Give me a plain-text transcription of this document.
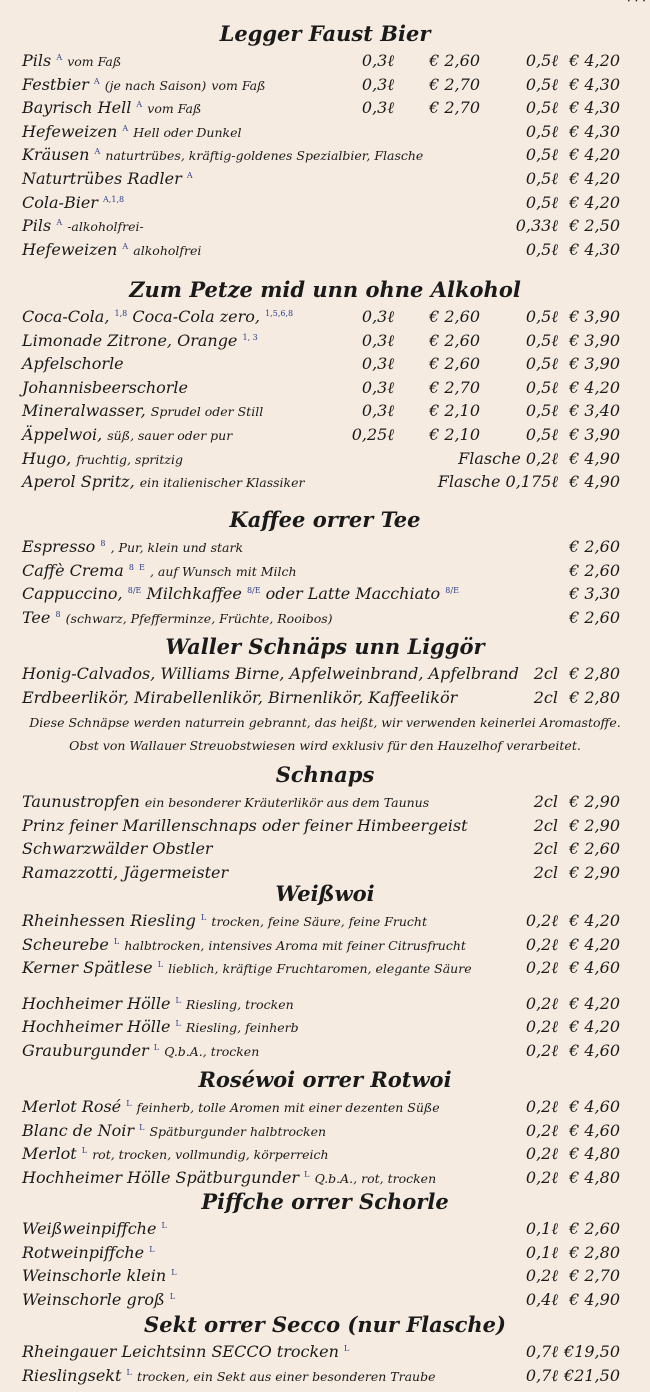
· · ·
Legger Faust Bier
Pils $^A$ vom Faß	0,3ℓ € 2,60	0,5ℓ € 4,20
Festbier $^A$ (je nach Saison) vom Faß	0,3ℓ € 2,70	0,5ℓ € 4,30
Bayrisch Hell $^A$ vom Faß	0,3ℓ € 2,70	0,5ℓ € 4,30
Hefeweizen $^A$ Hell oder Dunkel	0,5ℓ € 4,30
Kräusen $^A$ naturtrübes, kräftig-goldenes Spezialbier, Flasche	0,5ℓ € 4,20
Naturtrübes Radler $^A$	0,5ℓ € 4,20
Cola-Bier $^{A,1,8}$	0,5ℓ € 4,20
Pils $^A$ -alkoholfrei-	0,33ℓ € 2,50
Hefeweizen $^A$ alkoholfrei	0,5ℓ € 4,30
Zum Petze mid unn ohne Alkohol
Coca-Cola, $^{1,8}$ Coca-Cola zero, $^{1,5,6,8}$	0,3ℓ € 2,60	0,5ℓ € 3,90
Limonade Zitrone, Orange $^{1, 3}$	0,3ℓ € 2,60	0,5ℓ € 3,90
Apfelschorle	0,3ℓ € 2,60	0,5ℓ € 3,90
Johannisbeerschorle	0,3ℓ € 2,70	0,5ℓ € 4,20
Mineralwasser, Sprudel oder Still	0,3ℓ € 2,10	0,5ℓ € 3,40
Äppelwoi, süß, sauer oder pur	0,25ℓ € 2,10	0,5ℓ € 3,90
Hugo, fruchtig, spritzig	Flasche 0,2ℓ € 4,90
Aperol Spritz, ein italienischer Klassiker	Flasche 0,175ℓ € 4,90
Kaffee orrer Tee
Espresso $^8$ , Pur, klein und stark	€ 2,60
Caffè Crema $^8$ $^E$ , auf Wunsch mit Milch	€ 2,60
Cappuccino, $^{8/E}$ Milchkaffee $^{8/E}$ oder Latte Macchiato $^{8/E}$	€ 3,30
Tee $^8$ (schwarz, Pfefferminze, Früchte, Rooibos)	€ 2,60
Waller Schnäps unn Liggör
Honig-Calvados, Williams Birne, Apfelweinbrand, Apfelbrand 2cl € 2,80
Erdbeerlikör, Mirabellenlikör, Birnenlikör, Kaffeelikör	2cl € 2,80
Diese Schnäpse werden naturrein gebrannt, das heißt, wir verwenden keinerlei Aromastoffe.
Obst von Wallauer Streuobstwiesen wird exklusiv für den Hauzelhof verarbeitet.
Schnaps
Taunustropfen ein besonderer Kräuterlikör aus dem Taunus	2cl € 2,90
Prinz feiner Marillenschnaps oder feiner Himbeergeist	2cl € 2,90
Schwarzwälder Obstler	2cl € 2,60
Ramazzotti, Jägermeister	2cl € 2,90
Weißwoi
Rheinhessen Riesling $^L$ trocken, feine Säure, feine Frucht	0,2ℓ € 4,20
Scheurebe $^L$ halbtrocken, intensives Aroma mit feiner Citrusfrucht	0,2ℓ € 4,20
Kerner Spätlese $^L$ lieblich, kräftige Fruchtaromen, elegante Säure	0,2ℓ € 4,60
Hochheimer Hölle $^L$ Riesling, trocken	0,2ℓ € 4,20
Hochheimer Hölle $^L$ Riesling, feinherb	0,2ℓ € 4,20
Grauburgunder $^L$ Q.b.A., trocken	0,2ℓ € 4,60
Roséwoi orrer Rotwoi
Merlot Rosé $^L$ feinherb, tolle Aromen mit einer dezenten Süße	0,2ℓ € 4,60
Blanc de Noir $^L$ Spätburgunder halbtrocken	0,2ℓ € 4,60
Merlot $^L$ rot, trocken, vollmundig, körperreich	0,2ℓ € 4,80
Hochheimer Hölle Spätburgunder $^L$ Q.b.A., rot, trocken	0,2ℓ € 4,80
Piffche orrer Schorle
Weißweinpiffche $^L$	0,1ℓ € 2,60
Rotweinpiffche $^L$	0,1ℓ € 2,80
Weinschorle klein $^L$	0,2ℓ € 2,70
Weinschorle groß $^L$	0,4ℓ € 4,90
Sekt orrer Secco (nur Flasche)
Rheingauer Leichtsinn SECCO trocken $^L$	0,7ℓ €19,50
Rieslingsekt $^L$ trocken, ein Sekt aus einer besonderen Traube	0,7ℓ €21,50
